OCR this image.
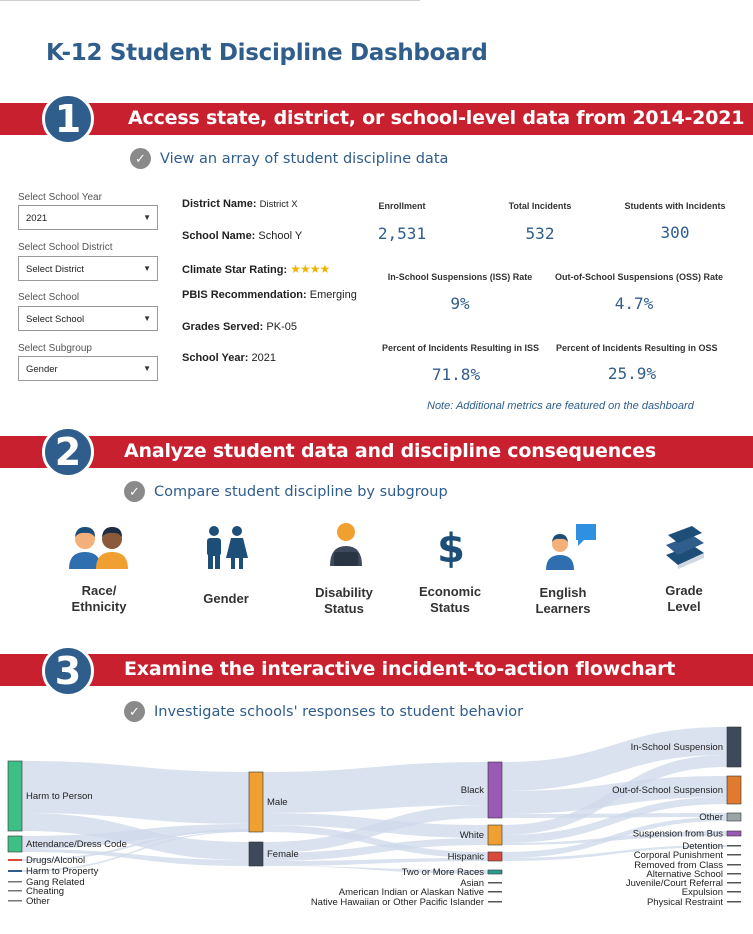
K-12 Student Discipline Dashboard
Access state, district, or school-level data from 2014-2021
1
✓ View an array of student discipline data
Select School Year
2021	▼
Select School District
Select District	▼
Select School
Select School	▼
Select Subgroup
Gender	▼
District Name: District X
School Name: School Y
Climate Star Rating: ★★★★
PBIS Recommendation: Emerging
Grades Served: PK-05
School Year: 2021
Enrollment
2,531
Total Incidents
532
Students with Incidents
300
In-School Suspensions (ISS) Rate
9%
Out-of-School Suspensions (OSS) Rate
4.7%
Percent of Incidents Resulting in ISS
71.8%
Percent of Incidents Resulting in OSS
25.9%
Note: Additional metrics are featured on the dashboard
Analyze student data and discipline consequences
2
✓ Compare student discipline by subgroup
Race/
Ethnicity
Gender	Disability
Status
$
Economic
Status
English
Learners
Grade
Level
Examine the interactive incident-to-action flowchart
3
✓ Investigate schools' responses to student behavior
Harm to Person
Attendance/Dress Code
Drugs/Alcohol
Harm to Property
Gang Related
Cheating
Other
Male
Female
Black
White
Hispanic
Two or More Races
Asian
American Indian or Alaskan Native
Native Hawaiian or Other Pacific Islander
In-School Suspension
Out-of-School Suspension
Other
Suspension from Bus
Detention
Corporal Punishment
Removed from Class
Alternative School
Juvenile/Court Referral
Expulsion
Physical Restraint
